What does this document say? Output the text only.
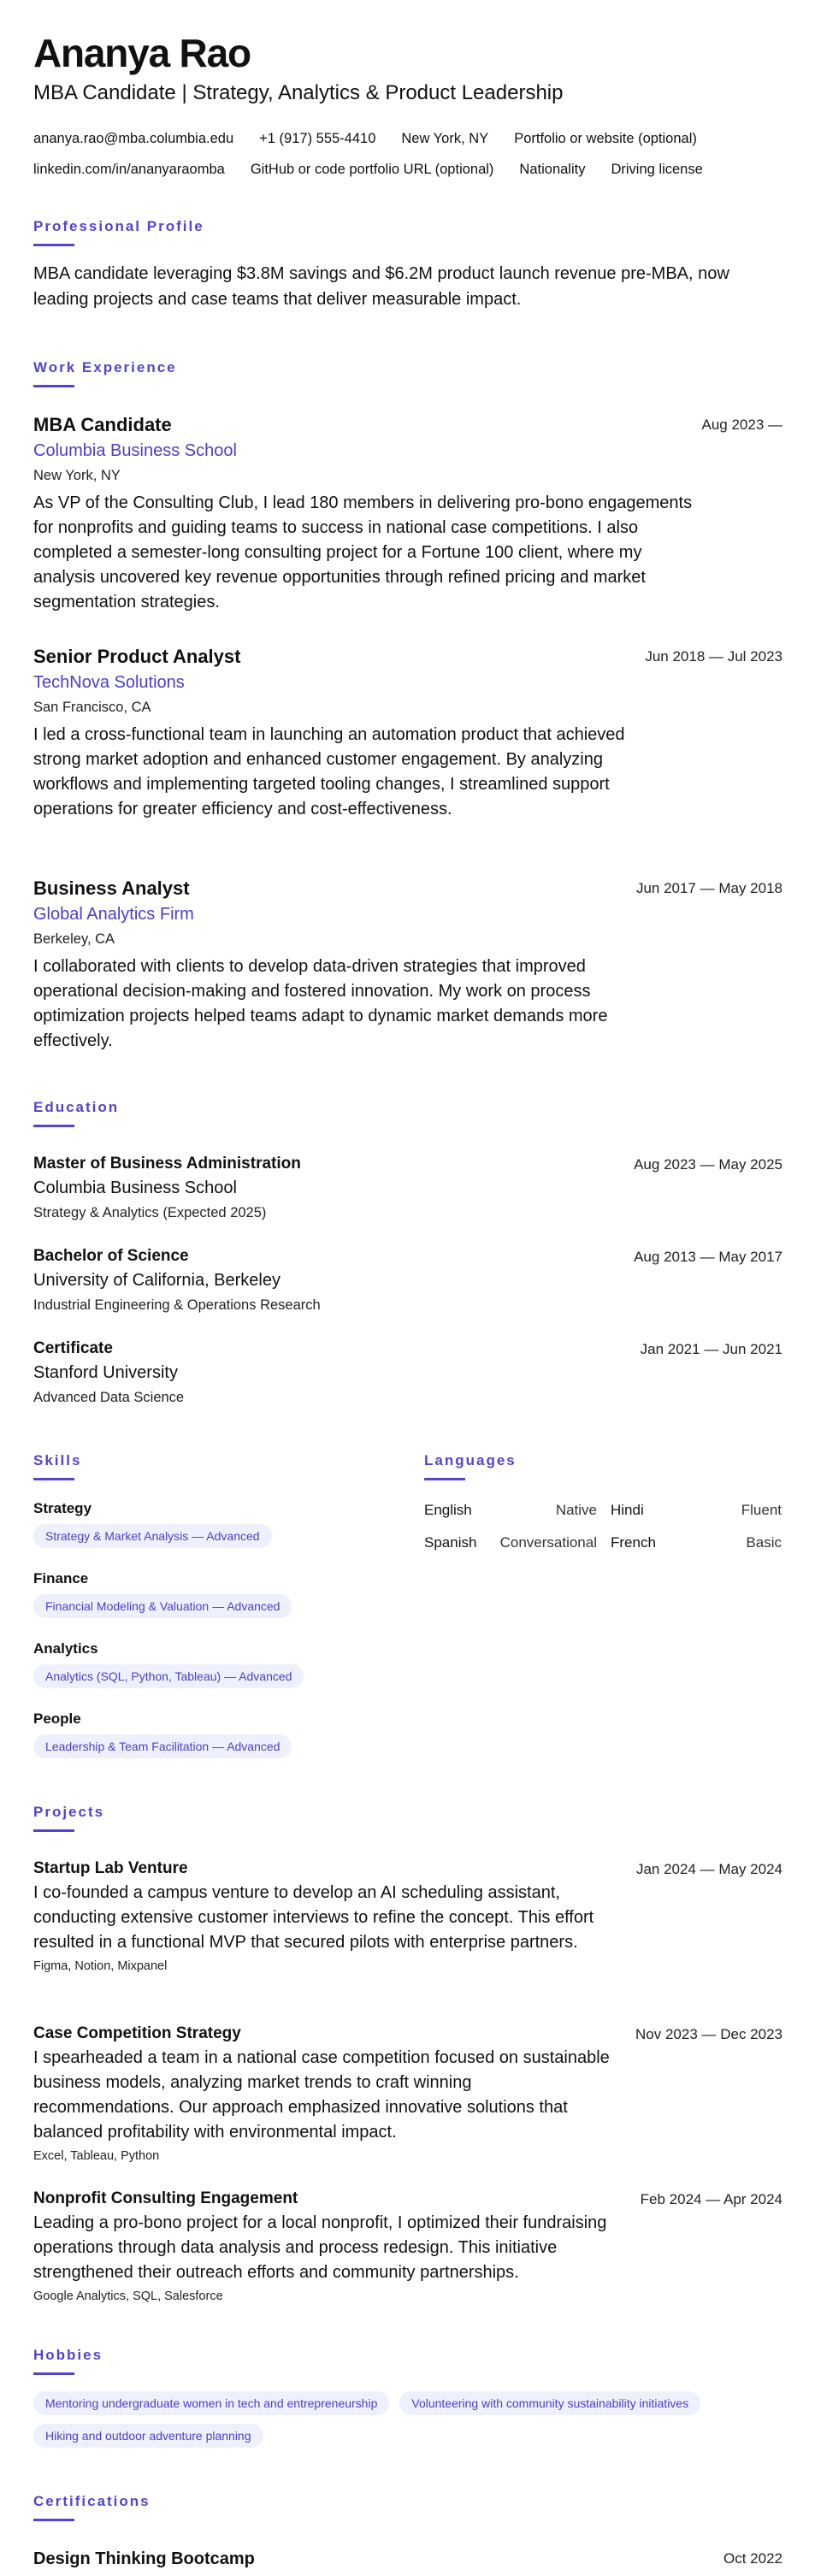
Ananya Rao
MBA Candidate | Strategy, Analytics & Product Leadership
ananya.rao@mba.columbia.edu +1 (917) 555-4410 New York, NY Portfolio or website (optional)
linkedin.com/in/ananyaraomba GitHub or code portfolio URL (optional) Nationality Driving license
Professional Profile
MBA candidate leveraging $3.8M savings and $6.2M product launch revenue pre-MBA, now leading projects and case teams that deliver measurable impact.
Work Experience
MBA Candidate
Columbia Business School
New York, NY
As VP of the Consulting Club, I lead 180 members in delivering pro-bono engagements for nonprofits and guiding teams to success in national case competitions. I also completed a semester-long consulting project for a Fortune 100 client, where my analysis uncovered key revenue opportunities through refined pricing and market segmentation strategies.
Aug 2023 —
Senior Product Analyst
TechNova Solutions
San Francisco, CA
I led a cross-functional team in launching an automation product that achieved strong market adoption and enhanced customer engagement. By analyzing workflows and implementing targeted tooling changes, I streamlined support operations for greater efficiency and cost-effectiveness.
Jun 2018 — Jul 2023
Business Analyst
Global Analytics Firm
Berkeley, CA
I collaborated with clients to develop data-driven strategies that improved operational decision-making and fostered innovation. My work on process optimization projects helped teams adapt to dynamic market demands more effectively.
Jun 2017 — May 2018
Education
Master of Business Administration
Columbia Business School
Strategy & Analytics (Expected 2025)
Aug 2023 — May 2025
Bachelor of Science
University of California, Berkeley
Industrial Engineering & Operations Research
Aug 2013 — May 2017
Certificate
Stanford University
Advanced Data Science
Jan 2021 — Jun 2021
Skills
Strategy
Strategy & Market Analysis — Advanced
Finance
Financial Modeling & Valuation — Advanced
Analytics
Analytics (SQL, Python, Tableau) — Advanced
People
Leadership & Team Facilitation — Advanced
Languages
English	Native Hindi	Fluent
Spanish Conversational French	Basic
Projects
Startup Lab Venture
I co-founded a campus venture to develop an AI scheduling assistant, conducting extensive customer interviews to refine the concept. This effort resulted in a functional MVP that secured pilots with enterprise partners.
Figma, Notion, Mixpanel
Jan 2024 — May 2024
Case Competition Strategy
I spearheaded a team in a national case competition focused on sustainable business models, analyzing market trends to craft winning recommendations. Our approach emphasized innovative solutions that balanced profitability with environmental impact.
Excel, Tableau, Python
Nov 2023 — Dec 2023
Nonprofit Consulting Engagement
Leading a pro-bono project for a local nonprofit, I optimized their fundraising operations through data analysis and process redesign. This initiative strengthened their outreach efforts and community partnerships.
Google Analytics, SQL, Salesforce
Feb 2024 — Apr 2024
Hobbies
Mentoring undergraduate women in tech and entrepreneurship	Volunteering with community sustainability initiatives
Hiking and outdoor adventure planning
Certifications
Design Thinking Bootcamp	Oct 2022
